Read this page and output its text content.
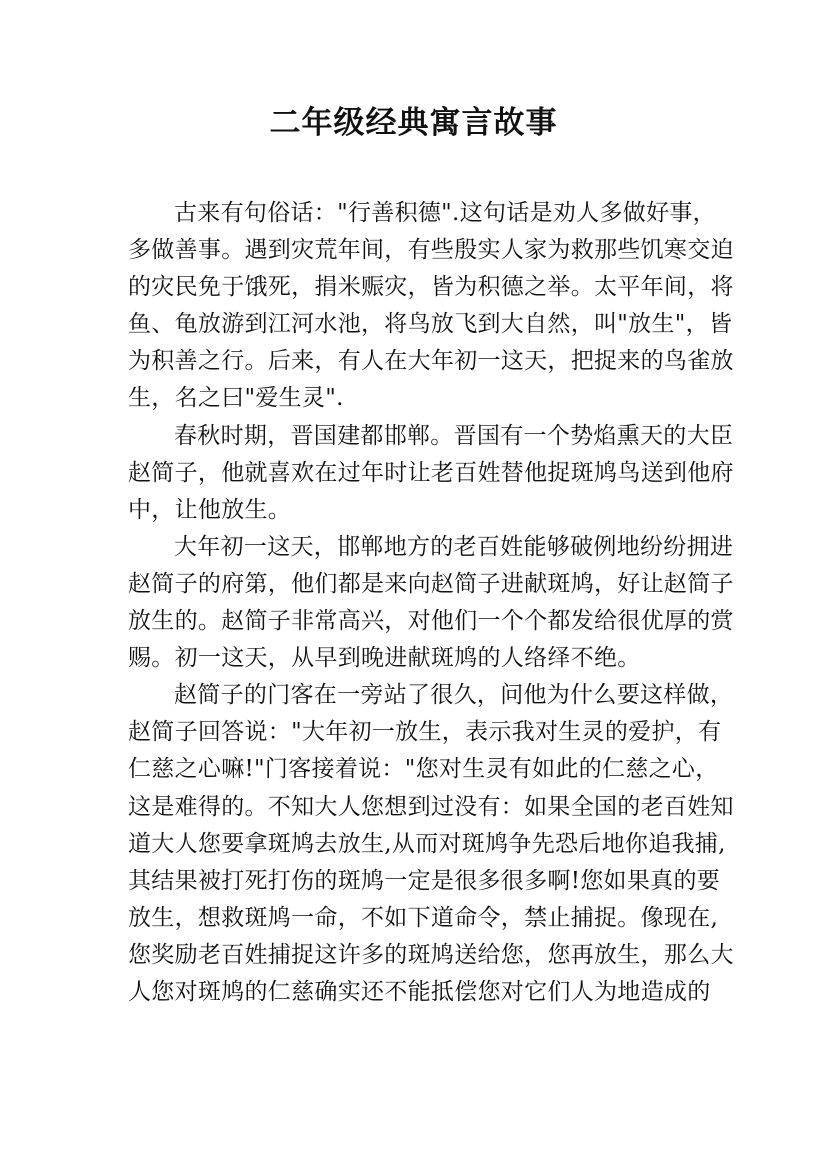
二年级经典寓言故事

古来有句俗话："行善积德".这句话是劝人多做好事，
多做善事。遇到灾荒年间，有些殷实人家为救那些饥寒交迫
的灾民免于饿死，捐米赈灾，皆为积德之举。太平年间，将
鱼、龟放游到江河水池，将鸟放飞到大自然，叫"放生"，皆
为积善之行。后来，有人在大年初一这天，把捉来的鸟雀放
生，名之曰"爱生灵".

春秋时期，晋国建都邯郸。晋国有一个势焰熏天的大臣
赵简子，他就喜欢在过年时让老百姓替他捉斑鸠鸟送到他府
中，让他放生。

大年初一这天，邯郸地方的老百姓能够破例地纷纷拥进
赵简子的府第，他们都是来向赵简子进献斑鸠，好让赵简子
放生的。赵简子非常高兴，对他们一个个都发给很优厚的赏
赐。初一这天，从早到晚进献斑鸠的人络绎不绝。

赵简子的门客在一旁站了很久，问他为什么要这样做，
赵简子回答说："大年初一放生，表示我对生灵的爱护，有
仁慈之心嘛!"门客接着说："您对生灵有如此的仁慈之心，
这是难得的。不知大人您想到过没有：如果全国的老百姓知
道大人您要拿斑鸠去放生,从而对斑鸠争先恐后地你追我捕,
其结果被打死打伤的斑鸠一定是很多很多啊!您如果真的要
放生，想救斑鸠一命，不如下道命令，禁止捕捉。像现在,
您奖励老百姓捕捉这许多的斑鸠送给您，您再放生，那么大
人您对斑鸠的仁慈确实还不能抵偿您对它们人为地造成的
